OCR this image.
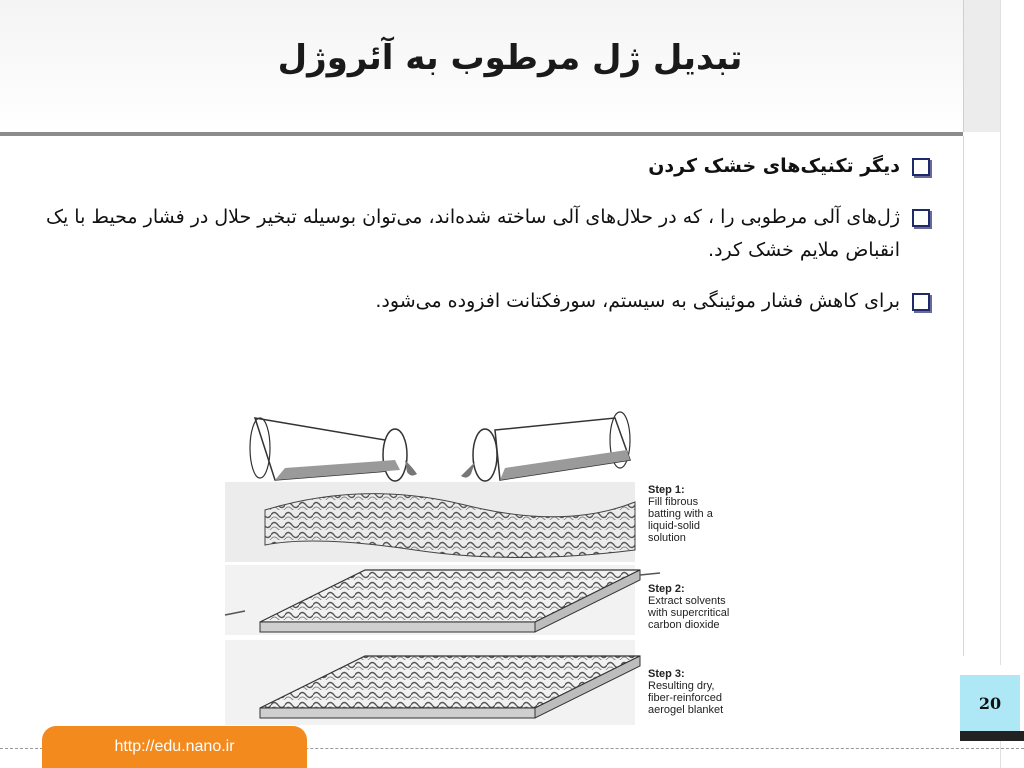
تبدیل ژل مرطوب به آئروژل
دیگر تکنیک‌های خشک کردن
ژل‌های آلی مرطوبی را ، که در حلال‌های آلی ساخته شده‌اند، می‌توان بوسیله تبخیر حلال در فشار محیط با یک انقباض ملایم خشک کرد.
برای کاهش فشار موئینگی به سیستم، سورفکتانت افزوده می‌شود.
Step 1:
Fill fibrous
batting with a
liquid-solid
solution
Step 2:
Extract solvents
with supercritical
carbon dioxide
Step 3:
Resulting dry,
fiber-reinforced
aerogel blanket	20
http://edu.nano.ir
